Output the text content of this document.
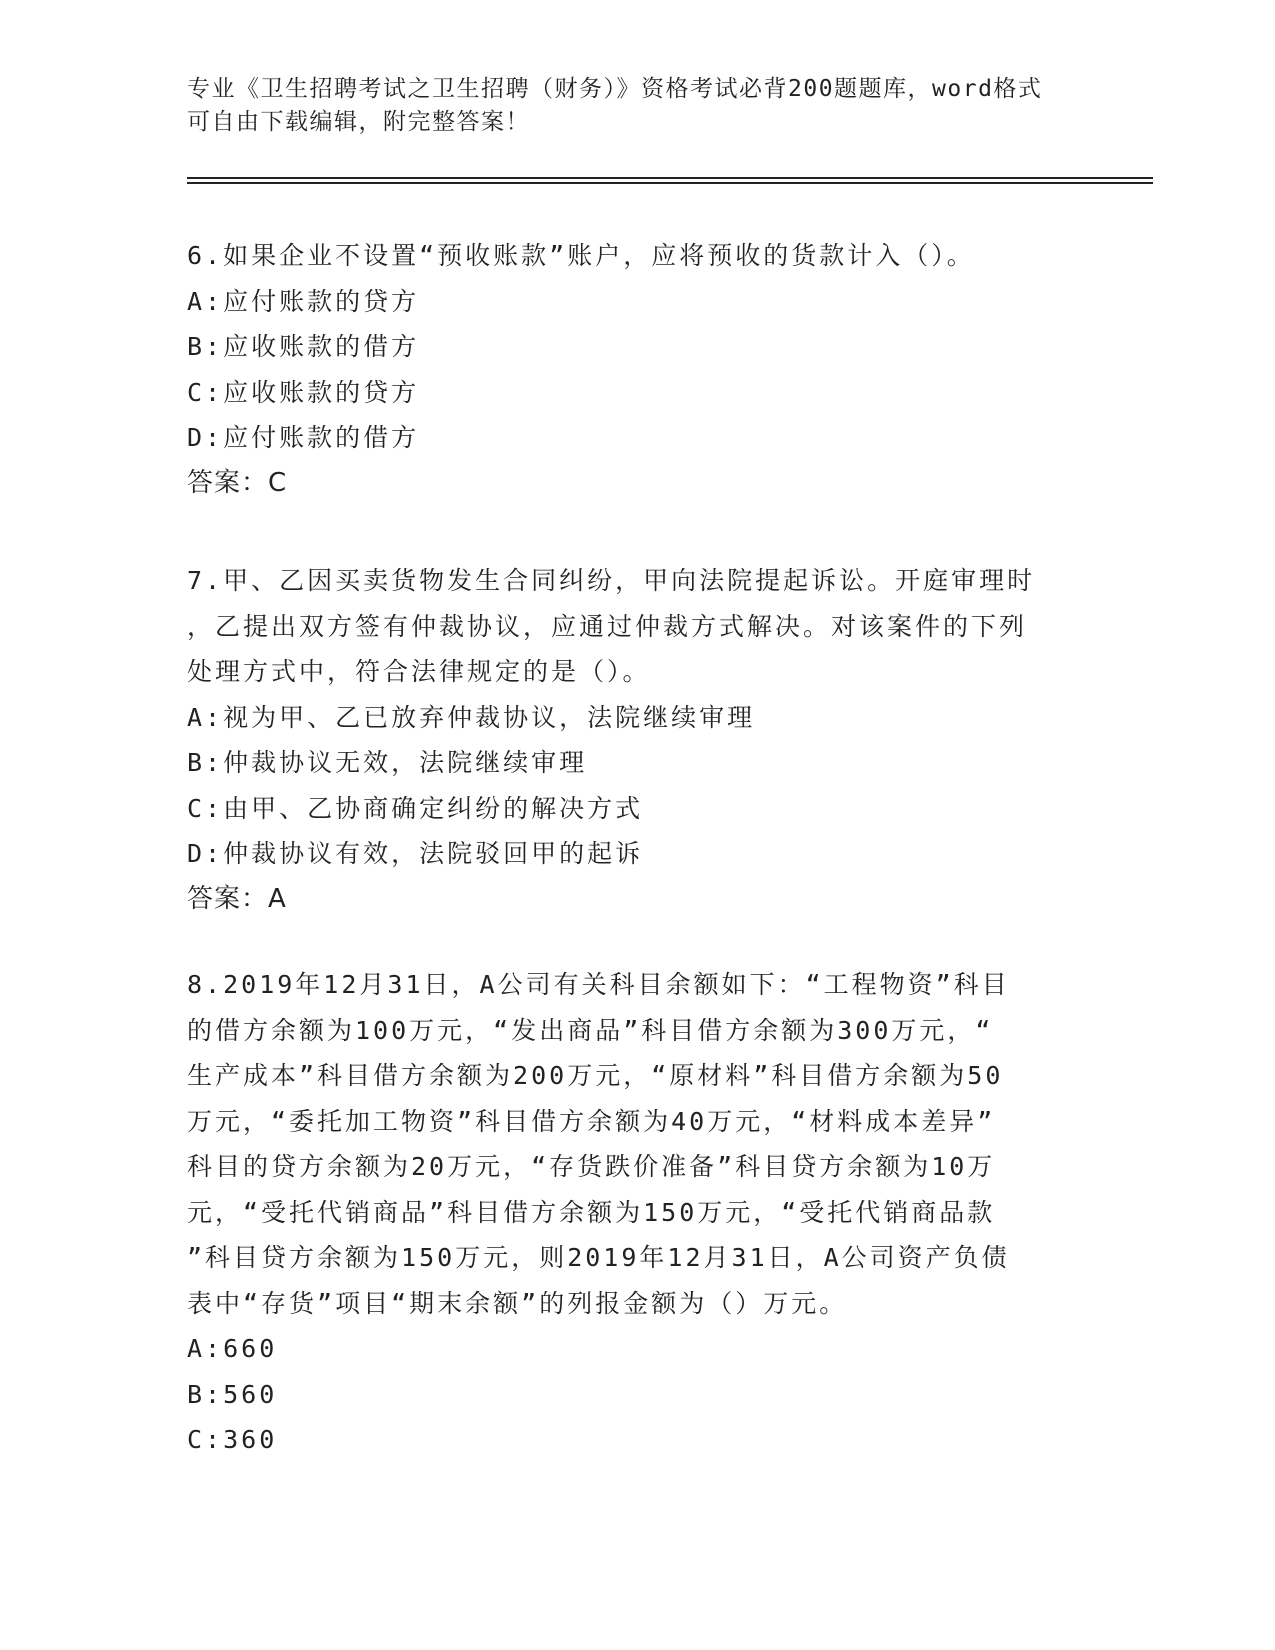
专业《卫生招聘考试之卫生招聘（财务）》资格考试必背200题题库，word格式
可自由下载编辑，附完整答案！
6.如果企业不设置“预收账款”账户，应将预收的货款计入（）。
A:应付账款的贷方
B:应收账款的借方
C:应收账款的贷方
D:应付账款的借方
答案：C
7.甲、乙因买卖货物发生合同纠纷，甲向法院提起诉讼。开庭审理时
，乙提出双方签有仲裁协议，应通过仲裁方式解决。对该案件的下列
处理方式中，符合法律规定的是（）。
A:视为甲、乙已放弃仲裁协议，法院继续审理
B:仲裁协议无效，法院继续审理
C:由甲、乙协商确定纠纷的解决方式
D:仲裁协议有效，法院驳回甲的起诉
答案：A
8.2019年12月31日，A公司有关科目余额如下：“工程物资”科目
的借方余额为100万元，“发出商品”科目借方余额为300万元，“
生产成本”科目借方余额为200万元，“原材料”科目借方余额为50
万元，“委托加工物资”科目借方余额为40万元，“材料成本差异”
科目的贷方余额为20万元，“存货跌价准备”科目贷方余额为10万
元，“受托代销商品”科目借方余额为150万元，“受托代销商品款
”科目贷方余额为150万元，则2019年12月31日，A公司资产负债
表中“存货”项目“期末余额”的列报金额为（）万元。
A:660
B:560
C:360
